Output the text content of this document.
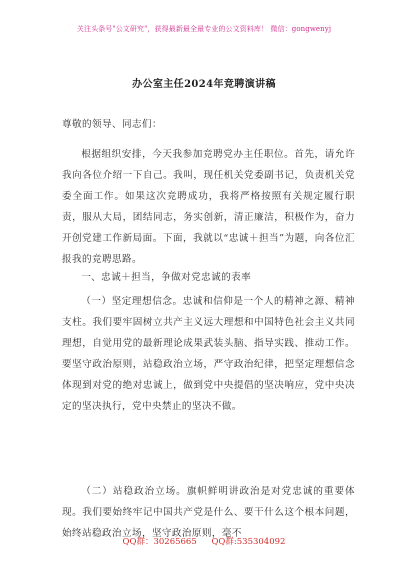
关注头条号"公文研究"，获得最新最全最专业的公文资料库！ 微信：gongwenyj
办公室主任2024年竞聘演讲稿
尊敬的领导、同志们：
根据组织安排，今天我参加竞聘党办主任职位。首先，请允许我向各位介绍一下自己。我叫，现任机关党委副书记，负责机关党委全面工作。如果这次竞聘成功，我将严格按照有关规定履行职责，服从大局，团结同志，务实创新，清正廉洁，积极作为，奋力开创党建工作新局面。下面，我就以“忠诚＋担当”为题，向各位汇报我的竞聘思路。
一、忠诚＋担当，争做对党忠诚的表率
（一）坚定理想信念。忠诚和信仰是一个人的精神之源、精神支柱。我们要牢固树立共产主义远大理想和中国特色社会主义共同理想，自觉用党的最新理论成果武装头脑、指导实践、推动工作。要坚守政治原则，站稳政治立场，严守政治纪律，把坚定理想信念体现到对党的绝对忠诚上，做到党中央提倡的坚决响应，党中央决定的坚决执行，党中央禁止的坚决不做。
（二）站稳政治立场。旗帜鲜明讲政治是对党忠诚的重要体现。我们要始终牢记中国共产党是什么、要干什么这个根本问题，始终站稳政治立场，坚守政治原则，毫不
QQ群：30265665 QQ群:535304092
